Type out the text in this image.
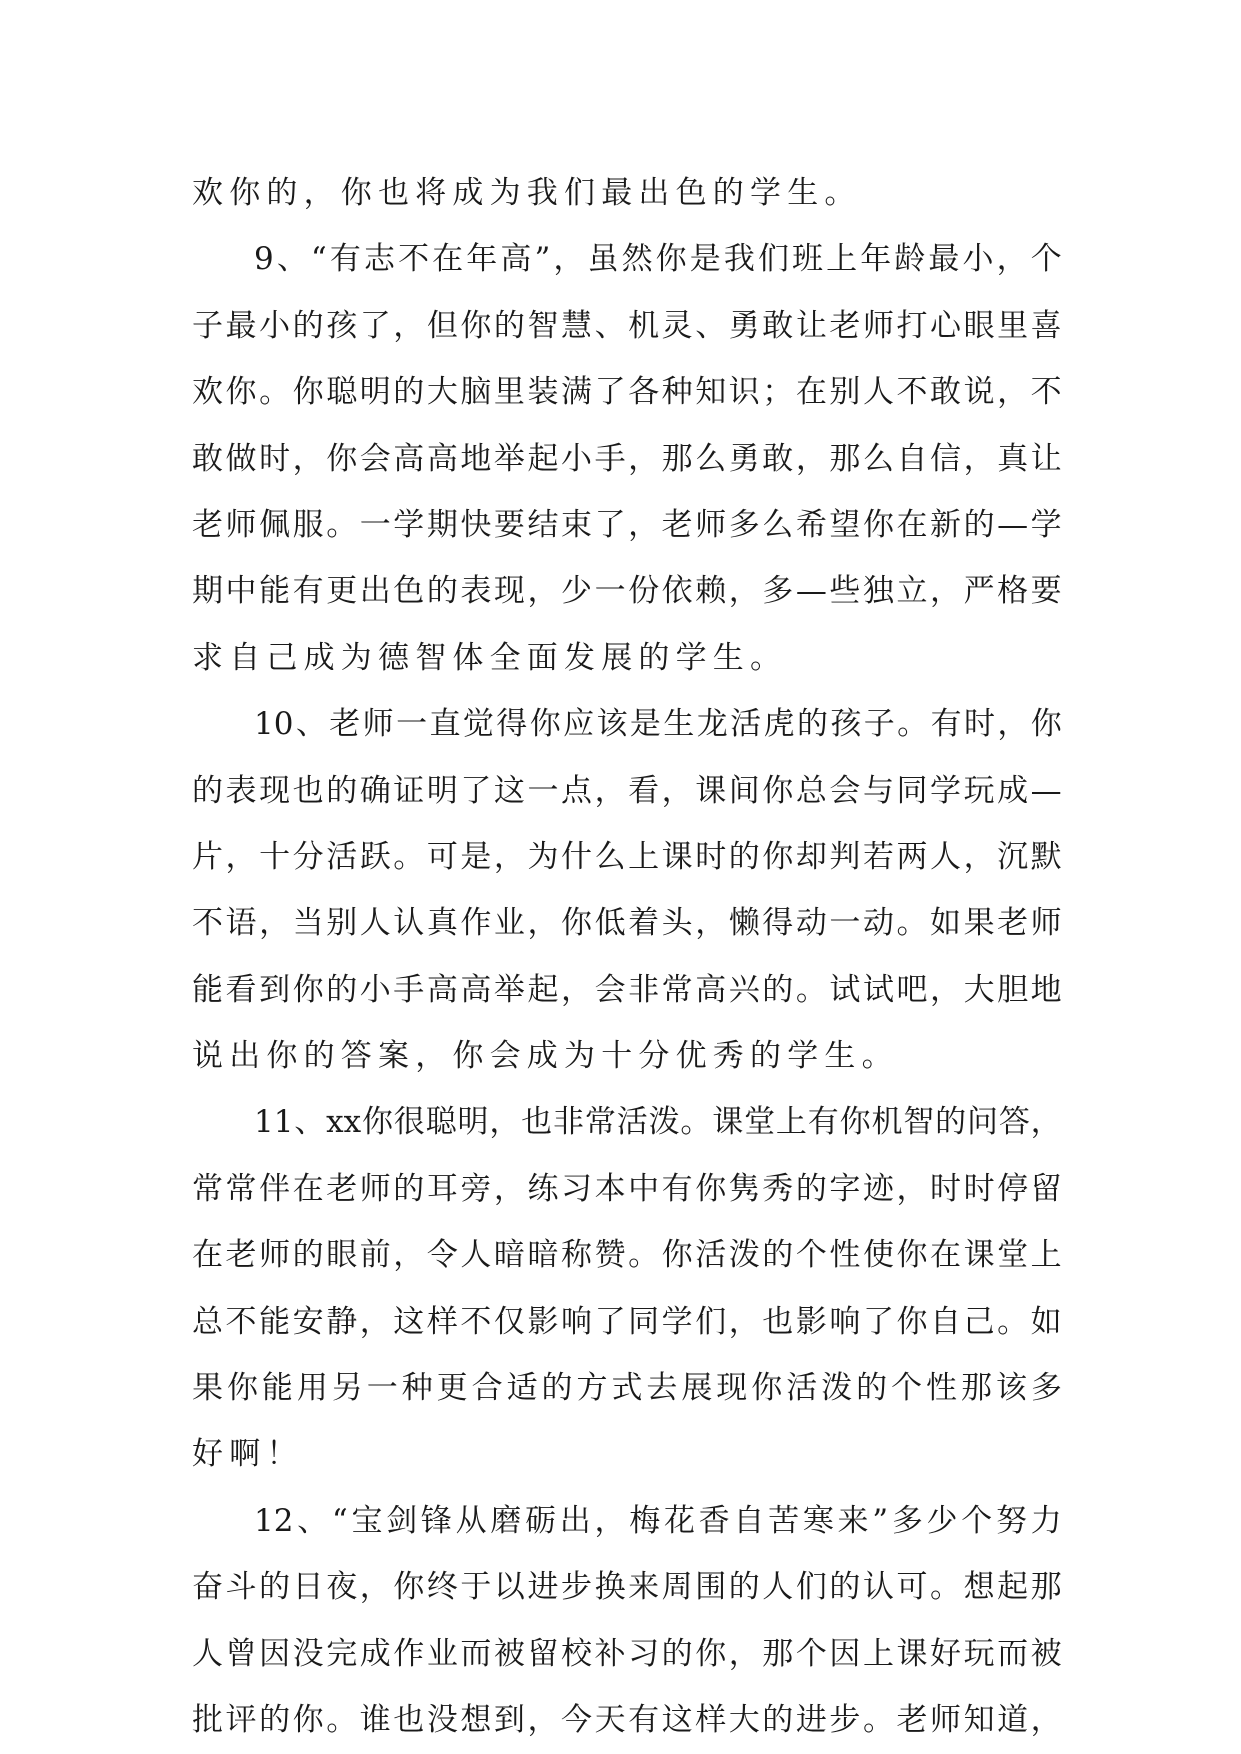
欢你的，你也将成为我们最出色的学生。
9 、 “ 有 志 不 在 年 高 ” ， 虽 然 你 是 我 们 班 上 年 龄 最 小 ， 个
子 最 小 的 孩 了 ， 但 你 的 智 慧 、 机 灵 、 勇 敢 让 老 师 打 心 眼 里 喜
欢 你 。 你 聪 明 的 大 脑 里 装 满 了 各 种 知 识 ； 在 别 人 不 敢 说 ， 不
敢 做 时 ， 你 会 高 高 地 举 起 小 手 ， 那 么 勇 敢 ， 那 么 自 信 ， 真 让
老 师 佩 服 。 一 学 期 快 要 结 束 了 ， 老 师 多 么 希 望 你 在 新 的 — 学
期 中 能 有 更 出 色 的 表 现 ， 少 一 份 依 赖 ， 多 — 些 独 立 ， 严 格 要
求自己成为德智体全面发展的学生。
10 、 老 师 一 直 觉 得 你 应 该 是 生 龙 活 虎 的 孩 子 。 有 时 ， 你
的 表 现 也 的 确 证 明 了 这 一 点 ， 看 ， 课 间 你 总 会 与 同 学 玩 成 —
片 ， 十 分 活 跃 。 可 是 ， 为 什 么 上 课 时 的 你 却 判 若 两 人 ， 沉 默
不 语 ， 当 别 人 认 真 作 业 ， 你 低 着 头 ， 懒 得 动 一 动 。 如 果 老 师
能 看 到 你 的 小 手 高 高 举 起 ， 会 非 常 高 兴 的 。 试 试 吧 ， 大 胆 地
说出你的答案，你会成为十分优秀的学生。
11 、 xx 你 很 聪 明 ， 也 非 常 活 泼 。 课 堂 上 有 你 机 智 的 问 答 ，
常 常 伴 在 老 师 的 耳 旁 ， 练 习 本 中 有 你 隽 秀 的 字 迹 ， 时 时 停 留
在 老 师 的 眼 前 ， 令 人 暗 暗 称 赞 。 你 活 泼 的 个 性 使 你 在 课 堂 上
总 不 能 安 静 ， 这 样 不 仅 影 响 了 同 学 们 ， 也 影 响 了 你 自 己 。 如
果 你 能 用 另 一 种 更 合 适 的 方 式 去 展 现 你 活 泼 的 个 性 那 该 多
好啊！
12 、 “ 宝 剑 锋 从 磨 砺 出 ， 梅 花 香 自 苦 寒 来 ” 多 少 个 努 力
奋 斗 的 日 夜 ， 你 终 于 以 进 步 换 来 周 围 的 人 们 的 认 可 。 想 起 那
人 曾 因 没 完 成 作 业 而 被 留 校 补 习 的 你 ， 那 个 因 上 课 好 玩 而 被
批 评 的 你 。 谁 也 没 想 到 ， 今 天 有 这 样 大 的 进 步 。 老 师 知 道 ，
